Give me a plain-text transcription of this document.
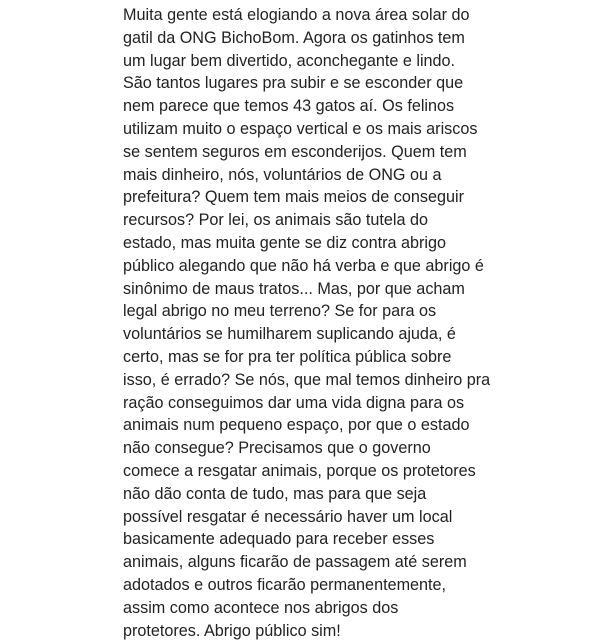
Muita gente está elogiando a nova área solar do
gatil da ONG BichoBom. Agora os gatinhos tem
um lugar bem divertido, aconchegante e lindo.
São tantos lugares pra subir e se esconder que
nem parece que temos 43 gatos aí. Os felinos
utilizam muito o espaço vertical e os mais ariscos
se sentem seguros em esconderijos. Quem tem
mais dinheiro, nós, voluntários de ONG ou a
prefeitura? Quem tem mais meios de conseguir
recursos? Por lei, os animais são tutela do
estado, mas muita gente se diz contra abrigo
público alegando que não há verba e que abrigo é
sinônimo de maus tratos... Mas, por que acham
legal abrigo no meu terreno? Se for para os
voluntários se humilharem suplicando ajuda, é
certo, mas se for pra ter política pública sobre
isso, é errado? Se nós, que mal temos dinheiro pra
ração conseguimos dar uma vida digna para os
animais num pequeno espaço, por que o estado
não consegue? Precisamos que o governo
comece a resgatar animais, porque os protetores
não dão conta de tudo, mas para que seja
possível resgatar é necessário haver um local
basicamente adequado para receber esses
animais, alguns ficarão de passagem até serem
adotados e outros ficarão permanentemente,
assim como acontece nos abrigos dos
protetores. Abrigo público sim!
